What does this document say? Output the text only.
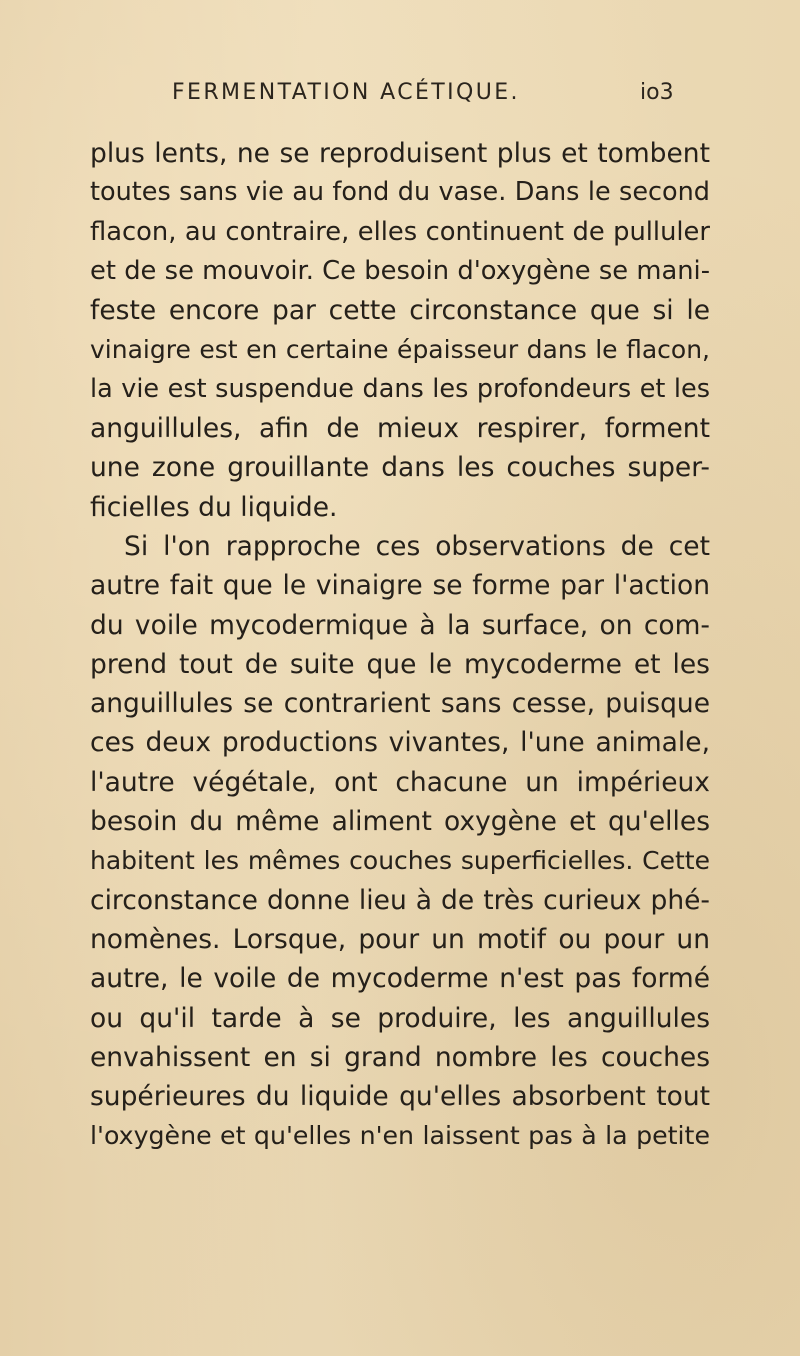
FERMENTATION ACÉTIQUE.	io3
plus lents, ne se reproduisent plus et tombent
toutes sans vie au fond du vase. Dans le second
flacon, au contraire, elles continuent de pulluler
et de se mouvoir. Ce besoin d'oxygène se mani-
feste encore par cette circonstance que si le
vinaigre est en certaine épaisseur dans le flacon,
la vie est suspendue dans les profondeurs et les
anguillules, afin de mieux respirer, forment
une zone grouillante dans les couches super-
ficielles du liquide.
Si l'on rapproche ces observations de cet
autre fait que le vinaigre se forme par l'action
du voile mycodermique à la surface, on com-
prend tout de suite que le mycoderme et les
anguillules se contrarient sans cesse, puisque
ces deux productions vivantes, l'une animale,
l'autre végétale, ont chacune un impérieux
besoin du même aliment oxygène et qu'elles
habitent les mêmes couches superficielles. Cette
circonstance donne lieu à de très curieux phé-
nomènes. Lorsque, pour un motif ou pour un
autre, le voile de mycoderme n'est pas formé
ou qu'il tarde à se produire, les anguillules
envahissent en si grand nombre les couches
supérieures du liquide qu'elles absorbent tout
l'oxygène et qu'elles n'en laissent pas à la petite
